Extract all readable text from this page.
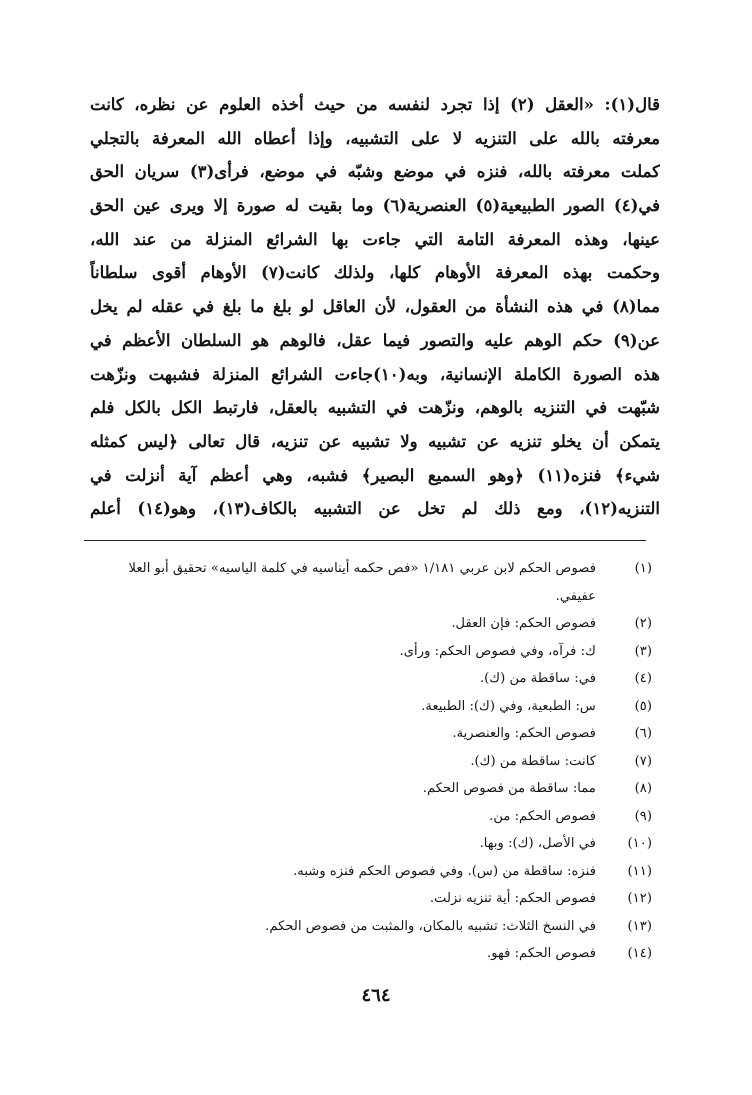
قال(١): «العقل (٢) إذا تجرد لنفسه من حيث أخذه العلوم عن نظره، كانت
معرفته بالله على التنزيه لا على التشبيه، وإذا أعطاه الله المعرفة بالتجلي
كملت معرفته بالله، فنزه في موضع وشبّه في موضع، فرأى(٣) سريان الحق
في(٤) الصور الطبيعية(٥) العنصرية(٦) وما بقيت له صورة إلا ويرى عين الحق
عينها، وهذه المعرفة التامة التي جاءت بها الشرائع المنزلة من عند الله،
وحكمت بهذه المعرفة الأوهام كلها، ولذلك كانت(٧) الأوهام أقوى سلطاناً
مما(٨) في هذه النشأة من العقول، لأن العاقل لو بلغ ما بلغ في عقله لم يخل
عن(٩) حكم الوهم عليه والتصور فيما عقل، فالوهم هو السلطان الأعظم في
هذه الصورة الكاملة الإنسانية، وبه(١٠)جاءت الشرائع المنزلة فشبهت ونزّهت
شبّهت في التنزيه بالوهم، ونزّهت في التشبيه بالعقل، فارتبط الكل بالكل فلم
يتمكن أن يخلو تنزيه عن تشبيه ولا تشبيه عن تنزيه، قال تعالى ﴿ليس كمثله
شيء﴾ فنزه(١١) ﴿وهو السميع البصير﴾ فشبه، وهي أعظم آية أنزلت في
التنزيه(١٢)، ومع ذلك لم تخل عن التشبيه بالكاف(١٣)، وهو(١٤) أعلم
(١)
فصوص الحكم لابن عربي ١/١٨١ «فص حكمه أيناسيه في كلمة الياسيه» تحقيق أبو العلا عفيفي.
(٢)
فصوص الحكم: فإن العقل.
(٣)
ك: فرآه، وفي فصوص الحكم: ورأى.
(٤)
في: ساقطة من (ك).
(٥)
س: الطبعية، وفي (ك): الطبيعة.
(٦)
فصوص الحكم: والعنصرية.
(٧)
كانت: ساقطة من (ك).
(٨)
مما: ساقطة من فصوص الحكم.
(٩)
فصوص الحكم: من.
(١٠)
في الأصل، (ك): وبها.
(١١)
فنزه: ساقطة من (س). وفي فصوص الحكم فنزه وشبه.
(١٢)
فصوص الحكم: أية تنزيه نزلت.
(١٣)
في النسخ الثلاث: تشبيه بالمكان، والمثبت من فصوص الحكم.
(١٤)
فصوص الحكم: فهو.
٤٦٤
